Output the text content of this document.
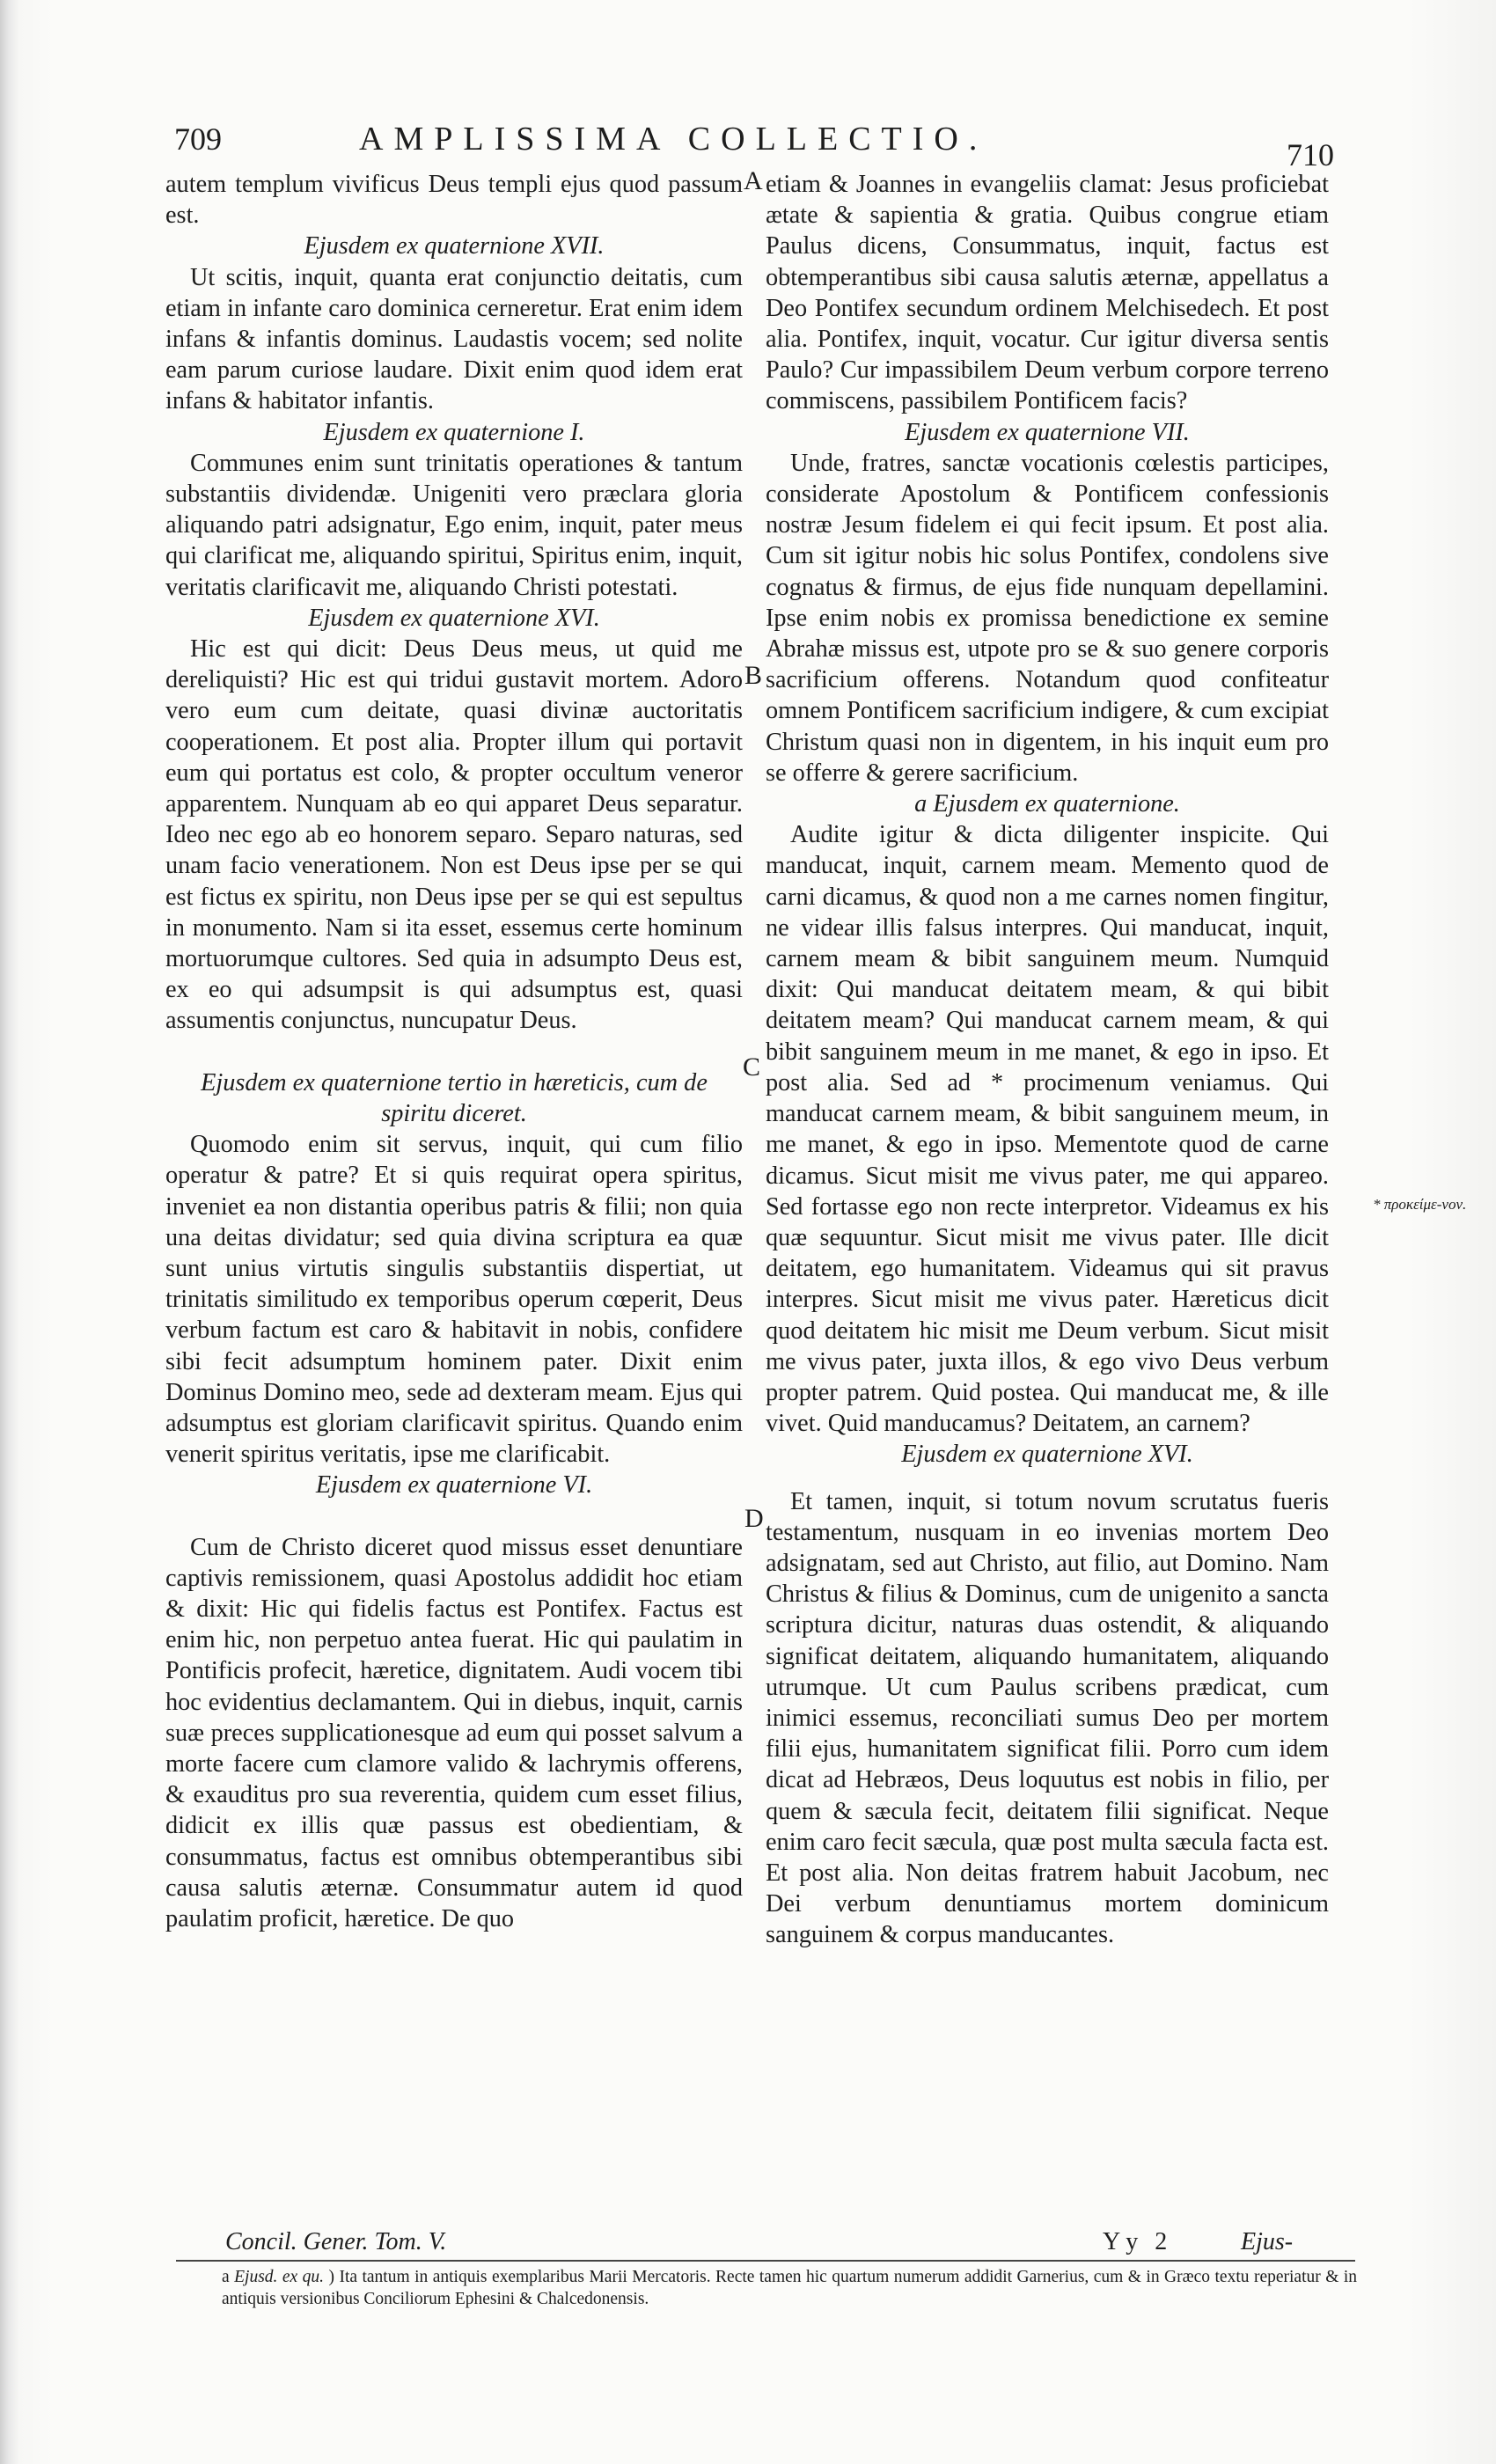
709	AMPLISSIMA COLLECTIO.	710

autem templum vivificus Deus templi ejus quod passum est.

Ejusdem ex quaternione XVII.

Ut scitis, inquit, quanta erat conjunctio deitatis, cum etiam in infante caro dominica cerneretur. Erat enim idem infans & infantis dominus. Laudastis vocem; sed nolite eam parum curiose laudare. Dixit enim quod idem erat infans & habitator infantis.

Ejusdem ex quaternione I.

Communes enim sunt trinitatis operationes & tantum substantiis dividendæ. Unigeniti vero præclara gloria aliquando patri adsignatur, Ego enim, inquit, pater meus qui clarificat me, aliquando spiritui, Spiritus enim, inquit, veritatis clarificavit me, aliquando Christi potestati.

Ejusdem ex quaternione XVI.

Hic est qui dicit: Deus Deus meus, ut quid me dereliquisti? Hic est qui tridui gustavit mortem. Adoro vero eum cum deitate, quasi divinæ auctoritatis cooperationem. Et post alia. Propter illum qui portavit eum qui portatus est colo, & propter occultum veneror apparentem. Nunquam ab eo qui apparet Deus separatur. Ideo nec ego ab eo honorem separo. Separo naturas, sed unam facio venerationem. Non est Deus ipse per se qui est fictus ex spiritu, non Deus ipse per se qui est sepultus in monumento. Nam si ita esset, essemus certe hominum mortuorumque cultores. Sed quia in adsumpto Deus est, ex eo qui adsumpsit is qui adsumptus est, quasi assumentis conjunctus, nuncupatur Deus.

Ejusdem ex quaternione tertio in hæreticis, cum de spiritu diceret.

Quomodo enim sit servus, inquit, qui cum filio operatur & patre? Et si quis requirat opera spiritus, inveniet ea non distantia operibus patris & filii; non quia una deitas dividatur; sed quia divina scriptura ea quæ sunt unius virtutis singulis substantiis dispertiat, ut trinitatis similitudo ex temporibus operum cœperit, Deus verbum factum est caro & habitavit in nobis, confidere sibi fecit adsumptum hominem pater. Dixit enim Dominus Domino meo, sede ad dexteram meam. Ejus qui adsumptus est gloriam clarificavit spiritus. Quando enim venerit spiritus veritatis, ipse me clarificabit.

Ejusdem ex quaternione VI.

Cum de Christo diceret quod missus esset denuntiare captivis remissionem, quasi Apostolus addidit hoc etiam & dixit: Hic qui fidelis factus est Pontifex. Factus est enim hic, non perpetuo antea fuerat. Hic qui paulatim in Pontificis profecit, hæretice, dignitatem. Audi vocem tibi hoc evidentius declamantem. Qui in diebus, inquit, carnis suæ preces supplicationesque ad eum qui posset salvum a morte facere cum clamore valido & lachrymis offerens, & exauditus pro sua reverentia, quidem cum esset filius, didicit ex illis quæ passus est obedientiam, & consummatus, factus est omnibus obtemperantibus sibi causa salutis æternæ. Consummatur autem id quod paulatim proficit, hæretice. De quo

etiam & Joannes in evangeliis clamat: Jesus proficiebat ætate & sapientia & gratia. Quibus congrue etiam Paulus dicens, Consummatus, inquit, factus est obtemperantibus sibi causa salutis æternæ, appellatus a Deo Pontifex secundum ordinem Melchisedech. Et post alia. Pontifex, inquit, vocatur. Cur igitur diversa sentis Paulo? Cur impassibilem Deum verbum corpore terreno commiscens, passibilem Pontificem facis?

Ejusdem ex quaternione VII.

Unde, fratres, sanctæ vocationis cœlestis participes, considerate Apostolum & Pontificem confessionis nostræ Jesum fidelem ei qui fecit ipsum. Et post alia. Cum sit igitur nobis hic solus Pontifex, condolens sive cognatus & firmus, de ejus fide nunquam depellamini. Ipse enim nobis ex promissa benedictione ex semine Abrahæ missus est, utpote pro se & suo genere corporis sacrificium offerens. Notandum quod confiteatur omnem Pontificem sacrificium indigere, & cum excipiat Christum quasi non in digentem, in his inquit eum pro se offerre & gerere sacrificium.

a Ejusdem ex quaternione.

Audite igitur & dicta diligenter inspicite. Qui manducat, inquit, carnem meam. Memento quod de carni dicamus, & quod non a me carnes nomen fingitur, ne videar illis falsus interpres. Qui manducat, inquit, carnem meam & bibit sanguinem meum. Numquid dixit: Qui manducat deitatem meam, & qui bibit deitatem meam? Qui manducat carnem meam, & qui bibit sanguinem meum in me manet, & ego in ipso. Et post alia. Sed ad * procimenum veniamus. Qui manducat carnem meam, & bibit sanguinem meum, in me manet, & ego in ipso. Mementote quod de carne dicamus. Sicut misit me vivus pater, me qui appareo. Sed fortasse ego non recte interpretor. Videamus ex his quæ sequuntur. Sicut misit me vivus pater. Ille dicit deitatem, ego humanitatem. Videamus qui sit pravus interpres. Sicut misit me vivus pater. Hæreticus dicit quod deitatem hic misit me Deum verbum. Sicut misit me vivus pater, juxta illos, & ego vivo Deus verbum propter patrem. Quid postea. Qui manducat me, & ille vivet. Quid manducamus? Deitatem, an carnem?

Ejusdem ex quaternione XVI.

Et tamen, inquit, si totum novum scrutatus fueris testamentum, nusquam in eo invenias mortem Deo adsignatam, sed aut Christo, aut filio, aut Domino. Nam Christus & filius & Dominus, cum de unigenito a sancta scriptura dicitur, naturas duas ostendit, & aliquando significat deitatem, aliquando humanitatem, aliquando utrumque. Ut cum Paulus scribens prædicat, cum inimici essemus, reconciliati sumus Deo per mortem filii ejus, humanitatem significat filii. Porro cum idem dicat ad Hebræos, Deus loquutus est nobis in filio, per quem & sæcula fecit, deitatem filii significat. Neque enim caro fecit sæcula, quæ post multa sæcula facta est. Et post alia. Non deitas fratrem habuit Jacobum, nec Dei verbum denuntiamus mortem dominicum sanguinem & corpus manducantes.

A
B
C
D
* προκείμε-νον.
Concil. Gener. Tom. V.	Yy 2	Ejus-
a Ejusd. ex qu. ) Ita tantum in antiquis exemplaribus Marii Mercatoris. Recte tamen hic quartum numerum addidit Garnerius, cum & in Græco textu reperiatur & in antiquis versionibus Conciliorum Ephesini & Chalcedonensis.
